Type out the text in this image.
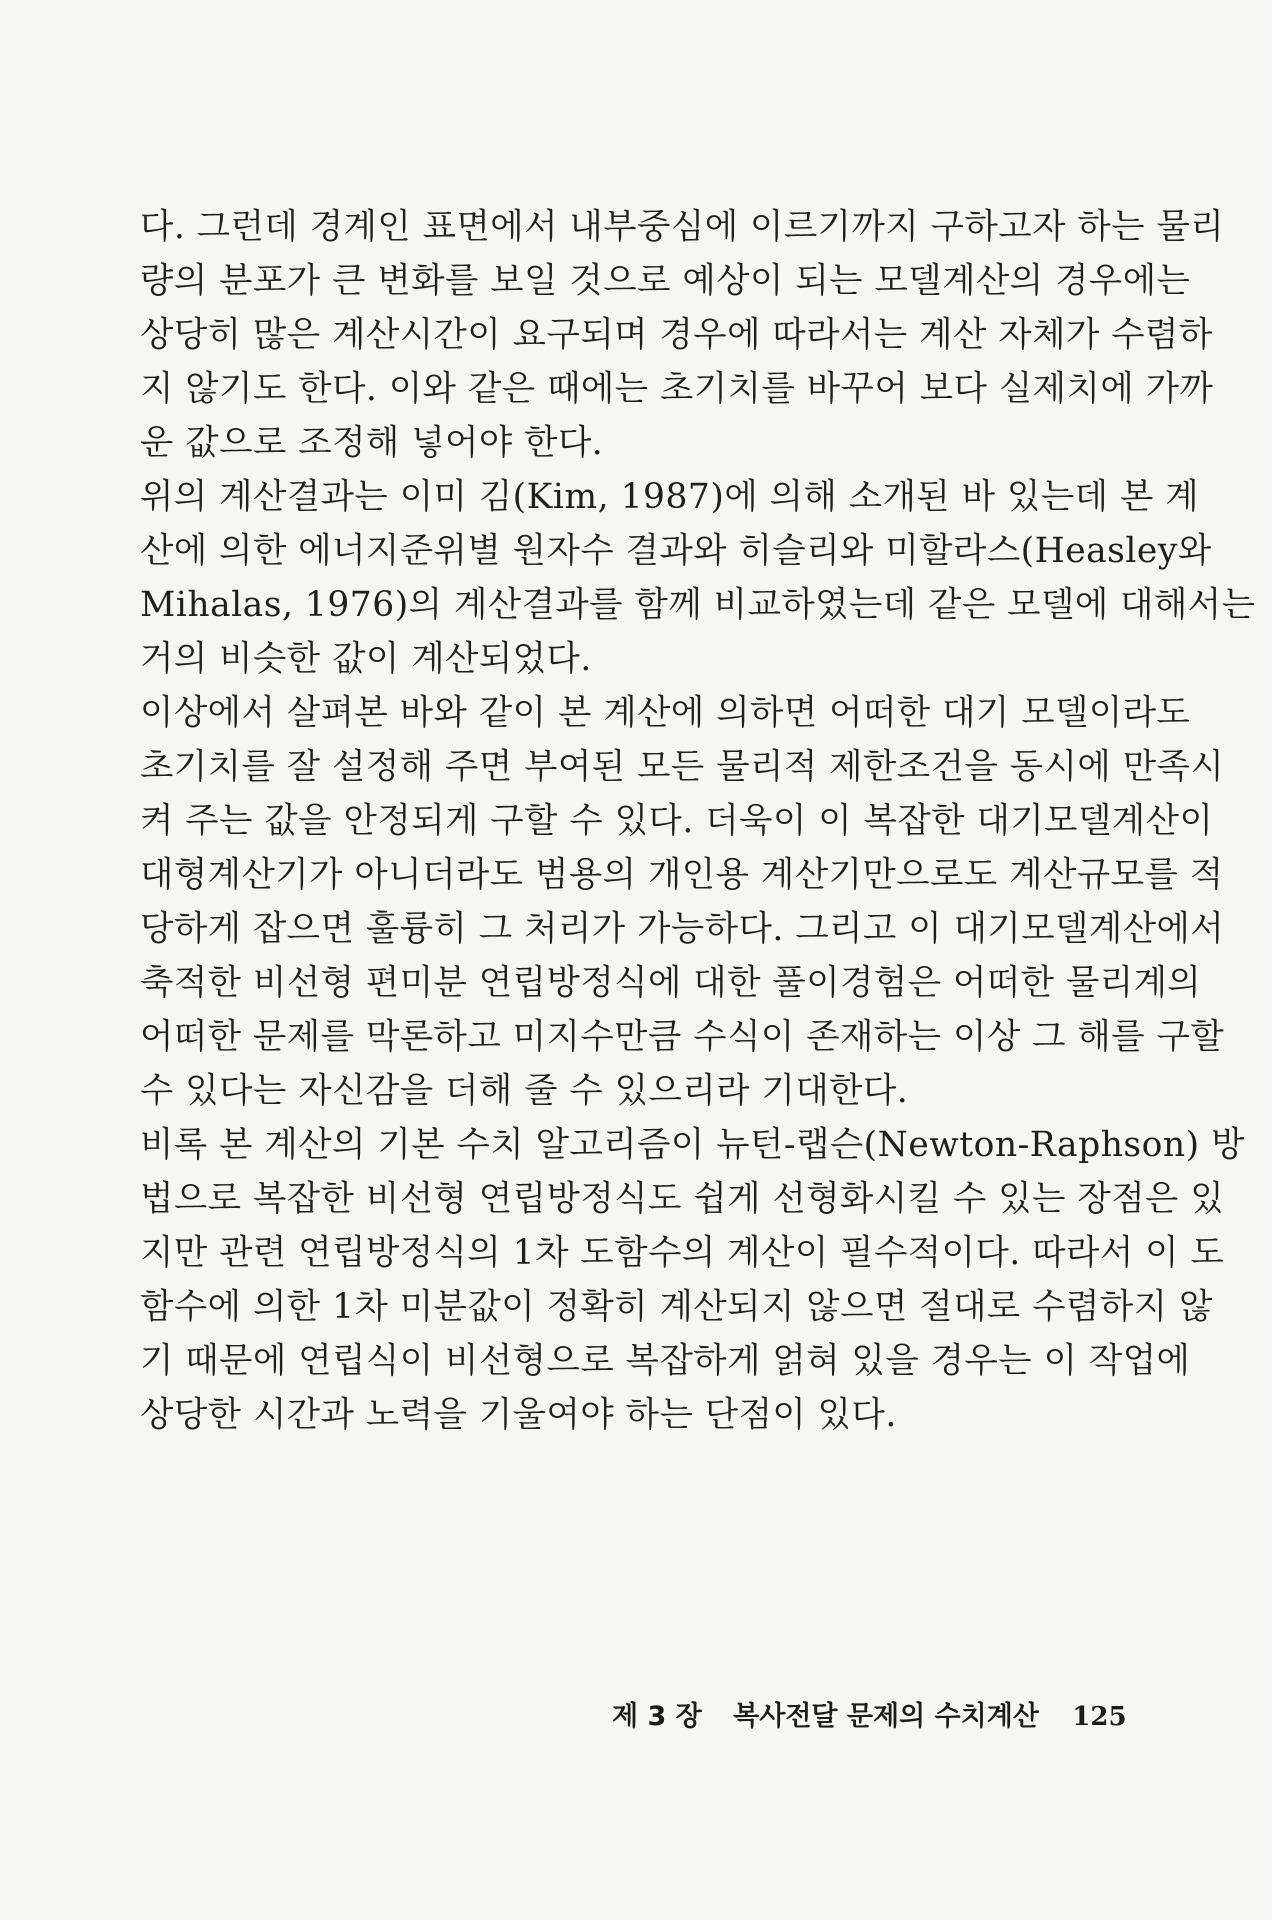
다. 그런데 경계인 표면에서 내부중심에 이르기까지 구하고자 하는 물리
량의 분포가 큰 변화를 보일 것으로 예상이 되는 모델계산의 경우에는
상당히 많은 계산시간이 요구되며 경우에 따라서는 계산 자체가 수렴하
지 않기도 한다. 이와 같은 때에는 초기치를 바꾸어 보다 실제치에 가까
운 값으로 조정해 넣어야 한다.
위의 계산결과는 이미 김(Kim, 1987)에 의해 소개된 바 있는데 본 계
산에 의한 에너지준위별 원자수 결과와 히슬리와 미할라스(Heasley와
Mihalas, 1976)의 계산결과를 함께 비교하였는데 같은 모델에 대해서는
거의 비슷한 값이 계산되었다.
이상에서 살펴본 바와 같이 본 계산에 의하면 어떠한 대기 모델이라도
초기치를 잘 설정해 주면 부여된 모든 물리적 제한조건을 동시에 만족시
켜 주는 값을 안정되게 구할 수 있다. 더욱이 이 복잡한 대기모델계산이
대형계산기가 아니더라도 범용의 개인용 계산기만으로도 계산규모를 적
당하게 잡으면 훌륭히 그 처리가 가능하다. 그리고 이 대기모델계산에서
축적한 비선형 편미분 연립방정식에 대한 풀이경험은 어떠한 물리계의
어떠한 문제를 막론하고 미지수만큼 수식이 존재하는 이상 그 해를 구할
수 있다는 자신감을 더해 줄 수 있으리라 기대한다.
비록 본 계산의 기본 수치 알고리즘이 뉴턴-랩슨(Newton-Raphson) 방
법으로 복잡한 비선형 연립방정식도 쉽게 선형화시킬 수 있는 장점은 있
지만 관련 연립방정식의 1차 도함수의 계산이 필수적이다. 따라서 이 도
함수에 의한 1차 미분값이 정확히 계산되지 않으면 절대로 수렴하지 않
기 때문에 연립식이 비선형으로 복잡하게 얽혀 있을 경우는 이 작업에
상당한 시간과 노력을 기울여야 하는 단점이 있다.
제 3 장 복사전달 문제의 수치계산 125
